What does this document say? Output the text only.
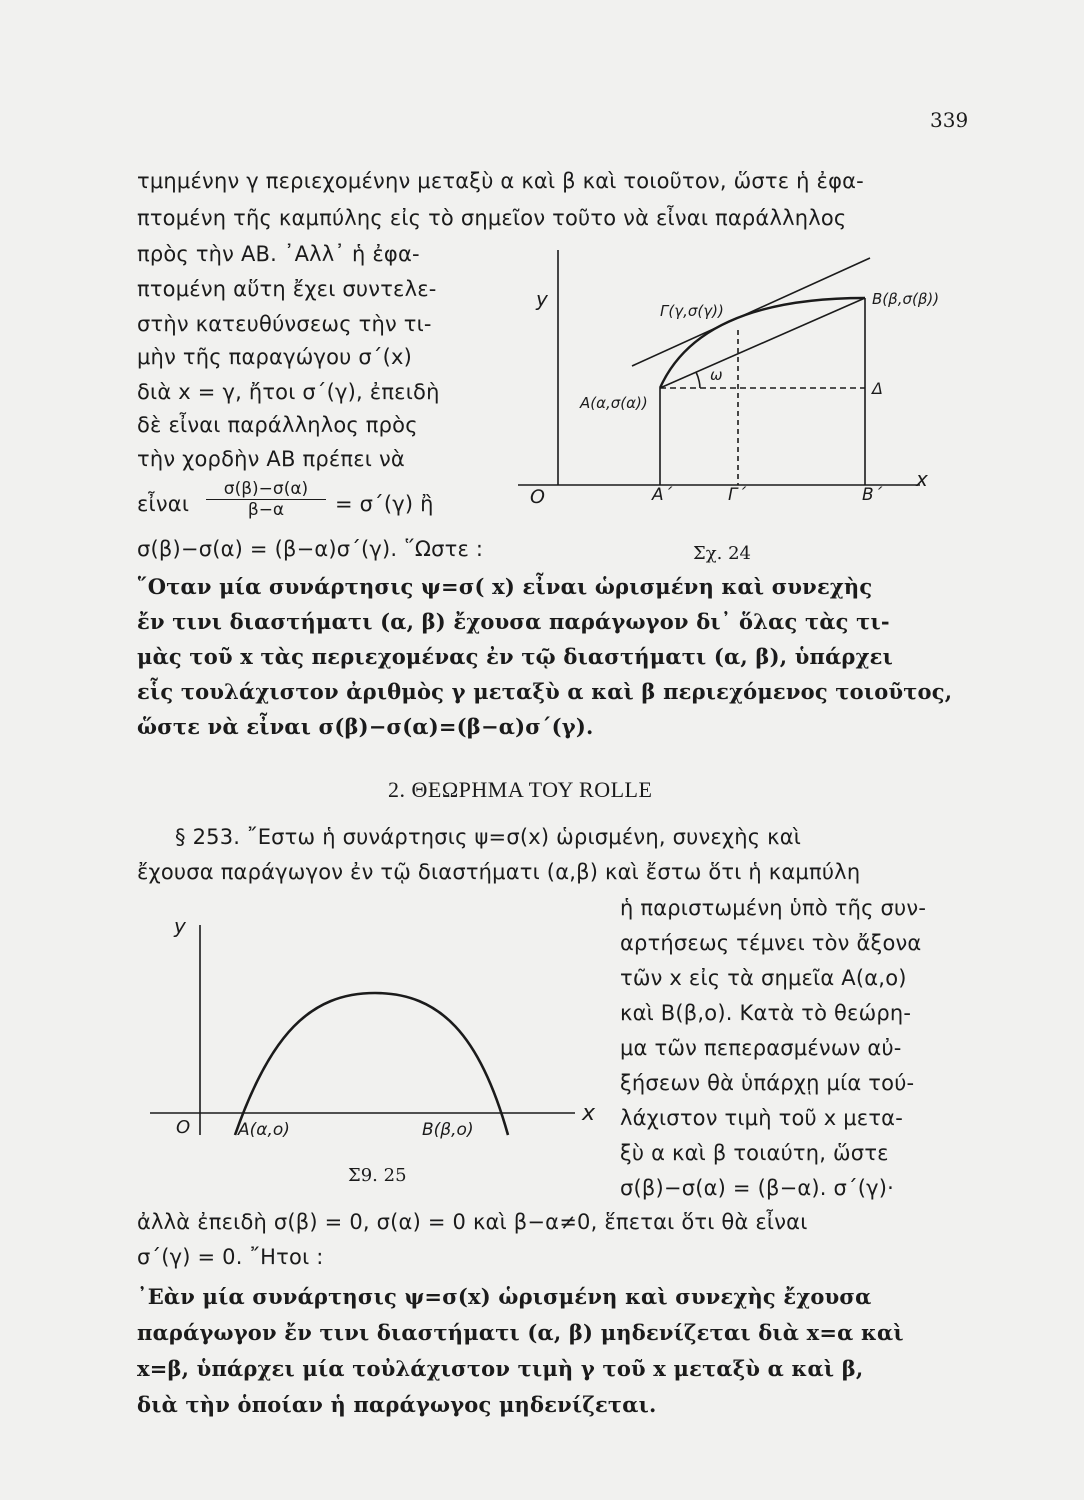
339
τμημένην γ περιεχομένην μεταξὺ α καὶ β καὶ τοιοῦτον, ὥστε ἡ ἐφα-
πτομένη τῆς καμπύλης εἰς τὸ σημεῖον τοῦτο νὰ εἶναι παράλληλος
πρὸς τὴν ΑΒ. ᾿Αλλ᾿ ἡ ἐφα-
πτομένη αὕτη ἔχει συντελε-
στὴν κατευθύνσεως τὴν τι-
μὴν τῆς παραγώγου σ΄(x)
διὰ x = γ, ἤτοι σ΄(γ), ἐπειδὴ
δὲ εἶναι παράλληλος πρὸς
τὴν χορδὴν ΑΒ πρέπει νὰ
εἶναι $\frac{\sigma(\beta)-\sigma(\alpha)}{\beta-\alpha} = \sigma΄(\gamma)$ ἢ
σ(β)−σ(α) = (β−α)σ΄(γ). ῞Ωστε :
y
O
x
Α΄	Γ΄	Β΄
Α(α,σ(α))
Γ(γ,σ(γ))
Β(β,σ(β))
Δ
ω
Σχ. 24
῞Οταν μία συνάρτησις ψ=σ( x) εἶναι ὡρισμένη καὶ συνεχὴς
ἔν τινι διαστήματι (α, β) ἔχουσα παράγωγον δι᾿ ὅλας τὰς τι-
μὰς τοῦ x τὰς περιεχομένας ἐν τῷ διαστήματι (α, β), ὑπάρχει
εἷς τουλάχιστον ἀριθμὸς γ μεταξὺ α καὶ β περιεχόμενος τοιοῦτος,
ὥστε νὰ εἶναι σ(β)−σ(α)=(β−α)σ΄(γ).
2. ΘΕΩΡΗΜΑ ΤΟΥ ROLLE
§ 253. ῎Εστω ἡ συνάρτησις ψ=σ(x) ὡρισμένη, συνεχὴς καὶ
ἔχουσα παράγωγον ἐν τῷ διαστήματι (α,β) καὶ ἔστω ὅτι ἡ καμπύλη
ἡ παριστωμένη ὑπὸ τῆς συν-
αρτήσεως τέμνει τὸν ἄξονα
τῶν x εἰς τὰ σημεῖα Α(α,ο)
καὶ Β(β,ο). Κατὰ τὸ θεώρη-
μα τῶν πεπερασμένων αὐ-
ξήσεων θὰ ὑπάρχῃ μία τού-
λάχιστον τιμὴ τοῦ x μετα-
ξὺ α καὶ β τοιαύτη, ὥστε
σ(β)−σ(α) = (β−α). σ΄(γ)·
y
O
x
Α(α,ο)	Β(β,ο)
Σ9. 25
ἀλλὰ ἐπειδὴ σ(β) = 0, σ(α) = 0 καὶ β−α≠0, ἕπεται ὅτι θὰ εἶναι
σ΄(γ) = 0. ῎Ητοι :
᾿Εὰν μία συνάρτησις ψ=σ(x) ὡρισμένη καὶ συνεχὴς ἔχουσα
παράγωγον ἔν τινι διαστήματι (α, β) μηδενίζεται διὰ x=α καὶ
x=β, ὑπάρχει μία τοὐλάχιστον τιμὴ γ τοῦ x μεταξὺ α καὶ β,
διὰ τὴν ὁποίαν ἡ παράγωγος μηδενίζεται.
